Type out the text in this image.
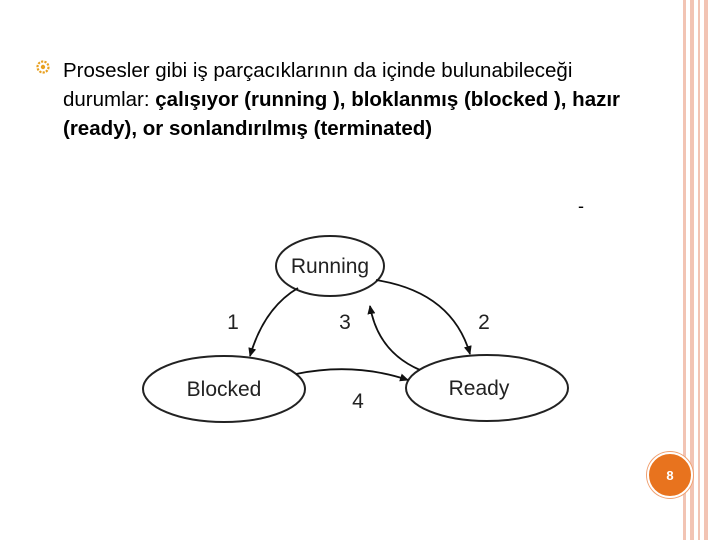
Prosesler gibi iş parçacıklarının da içinde bulunabileceği durumlar: çalışıyor (running ), bloklanmış (blocked ), hazır (ready), or sonlandırılmış (terminated)
-
Running
Blocked	Ready
1	3	2
4
8
